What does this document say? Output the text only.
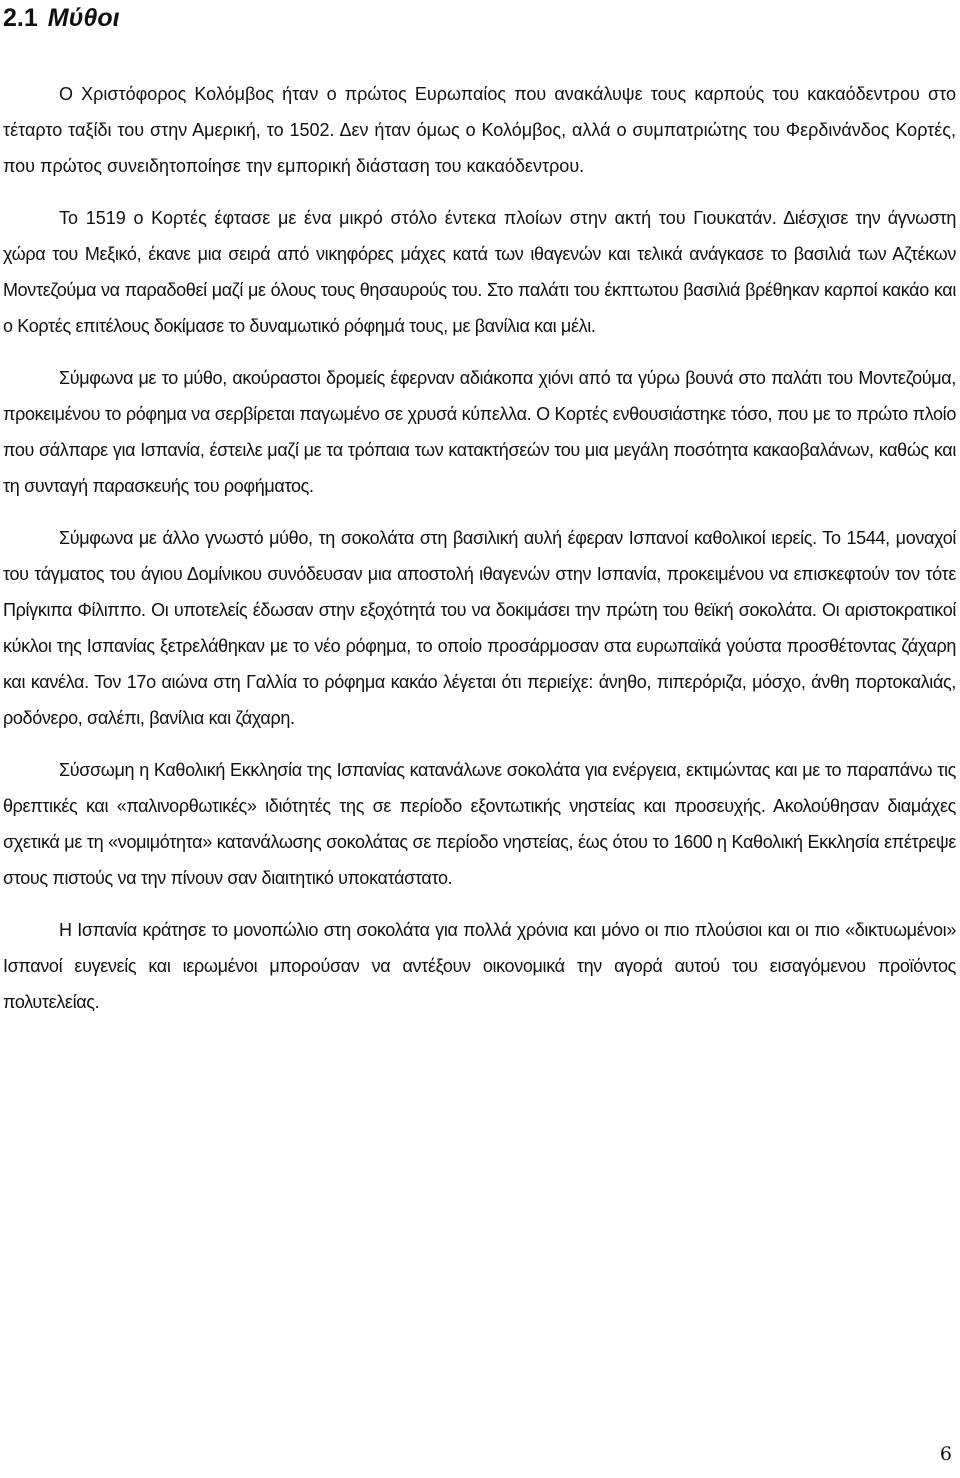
2.1 Μύθοι

Ο Χριστόφορος Κολόμβος ήταν ο πρώτος Ευρωπαίος που ανακάλυψε τους καρπούς του κακαόδεντρου στο τέταρτο ταξίδι του στην Αμερική, το 1502. Δεν ήταν όμως ο Κολόμβος, αλλά ο συμπατριώτης του Φερδινάνδος Κορτές, που πρώτος συνειδητοποίησε την εμπορική διάσταση του κακαόδεντρου.

Το 1519 ο Κορτές έφτασε με ένα μικρό στόλο έντεκα πλοίων στην ακτή του Γιουκατάν. Διέσχισε την άγνωστη χώρα του Μεξικό, έκανε μια σειρά από νικηφόρες μάχες κατά των ιθαγενών και τελικά ανάγκασε το βασιλιά των Αζτέκων Μοντεζούμα να παραδοθεί μαζί με όλους τους θησαυρούς του. Στο παλάτι του έκπτωτου βασιλιά βρέθηκαν καρποί κακάο και ο Κορτές επιτέλους δοκίμασε το δυναμωτικό ρόφημά τους, με βανίλια και μέλι.

Σύμφωνα με το μύθο, ακούραστοι δρομείς έφερναν αδιάκοπα χιόνι από τα γύρω βουνά στο παλάτι του Μοντεζούμα, προκειμένου το ρόφημα να σερβίρεται παγωμένο σε χρυσά κύπελλα. Ο Κορτές ενθουσιάστηκε τόσο, που με το πρώτο πλοίο που σάλπαρε για Ισπανία, έστειλε μαζί με τα τρόπαια των κατακτήσεών του μια μεγάλη ποσότητα κακαοβαλάνων, καθώς και τη συνταγή παρασκευής του ροφήματος.

Σύμφωνα με άλλο γνωστό μύθο, τη σοκολάτα στη βασιλική αυλή έφεραν Ισπανοί καθολικοί ιερείς. Το 1544, μοναχοί του τάγματος του άγιου Δομίνικου συνόδευσαν μια αποστολή ιθαγενών στην Ισπανία, προκειμένου να επισκεφτούν τον τότε Πρίγκιπα Φίλιππο. Οι υποτελείς έδωσαν στην εξοχότητά του να δοκιμάσει την πρώτη του θεϊκή σοκολάτα. Οι αριστοκρατικοί κύκλοι της Ισπανίας ξετρελάθηκαν με το νέο ρόφημα, το οποίο προσάρμοσαν στα ευρωπαϊκά γούστα προσθέτοντας ζάχαρη και κανέλα. Τον 17ο αιώνα στη Γαλλία το ρόφημα κακάο λέγεται ότι περιείχε: άνηθο, πιπερόριζα, μόσχο, άνθη πορτοκαλιάς, ροδόνερο, σαλέπι, βανίλια και ζάχαρη.

Σύσσωμη η Καθολική Εκκλησία της Ισπανίας κατανάλωνε σοκολάτα για ενέργεια, εκτιμώντας και με το παραπάνω τις θρεπτικές και «παλινορθωτικές» ιδιότητές της σε περίοδο εξοντωτικής νηστείας και προσευχής. Ακολούθησαν διαμάχες σχετικά με τη «νομιμότητα» κατανάλωσης σοκολάτας σε περίοδο νηστείας, έως ότου το 1600 η Καθολική Εκκλησία επέτρεψε στους πιστούς να την πίνουν σαν διαιτητικό υποκατάστατο.

Η Ισπανία κράτησε το μονοπώλιο στη σοκολάτα για πολλά χρόνια και μόνο οι πιο πλούσιοι και οι πιο «δικτυωμένοι» Ισπανοί ευγενείς και ιερωμένοι μπορούσαν να αντέξουν οικονομικά την αγορά αυτού του εισαγόμενου προϊόντος πολυτελείας.

6
